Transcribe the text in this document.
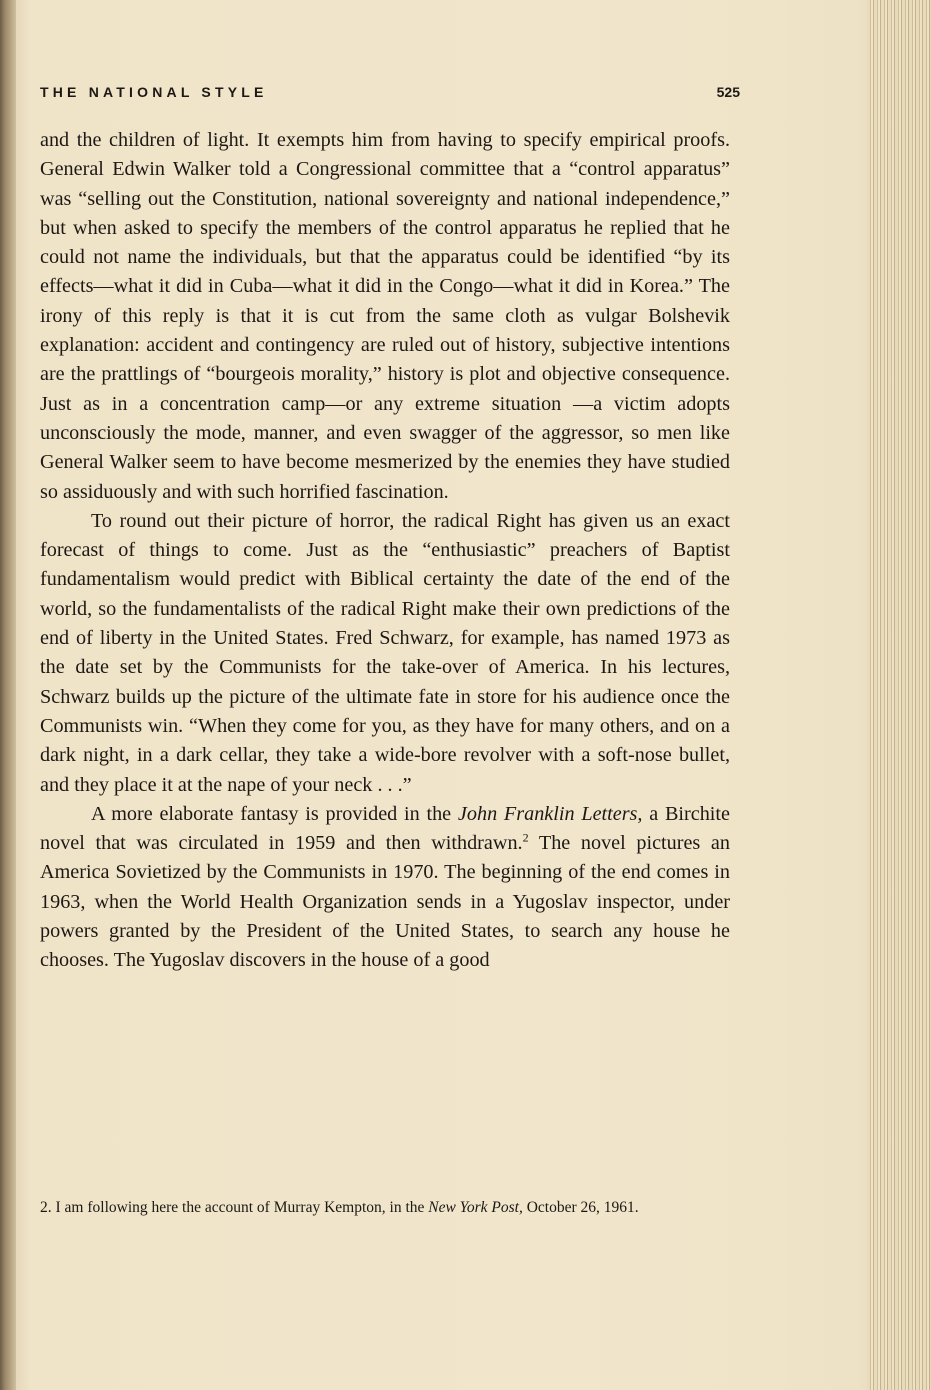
THE NATIONAL STYLE	525

and the children of light. It exempts him from having to specify empirical proofs. General Edwin Walker told a Congressional committee that a “control apparatus” was “selling out the Constitution, national sovereignty and national independence,” but when asked to specify the members of the control apparatus he replied that he could not name the individuals, but that the apparatus could be identified “by its effects—what it did in Cuba—what it did in the Congo—what it did in Korea.” The irony of this reply is that it is cut from the same cloth as vulgar Bolshevik explanation: accident and contingency are ruled out of history, subjective intentions are the prattlings of “bourgeois morality,” history is plot and objective consequence. Just as in a concentration camp—or any extreme situation —a victim adopts unconsciously the mode, manner, and even swagger of the aggressor, so men like General Walker seem to have become mesmerized by the enemies they have studied so assiduously and with such horrified fascination.

To round out their picture of horror, the radical Right has given us an exact forecast of things to come. Just as the “enthusiastic” preachers of Baptist fundamentalism would predict with Biblical certainty the date of the end of the world, so the fundamentalists of the radical Right make their own predictions of the end of liberty in the United States. Fred Schwarz, for example, has named 1973 as the date set by the Communists for the take-over of America. In his lectures, Schwarz builds up the picture of the ultimate fate in store for his audience once the Communists win. “When they come for you, as they have for many others, and on a dark night, in a dark cellar, they take a wide-bore revolver with a soft-nose bullet, and they place it at the nape of your neck . . .”

A more elaborate fantasy is provided in the John Franklin Letters, a Birchite novel that was circulated in 1959 and then withdrawn.$^2$ The novel pictures an America Sovietized by the Communists in 1970. The beginning of the end comes in 1963, when the World Health Organization sends in a Yugoslav inspector, under powers granted by the President of the United States, to search any house he chooses. The Yugoslav discovers in the house of a good

2. I am following here the account of Murray Kempton, in the New York Post, October 26, 1961.
